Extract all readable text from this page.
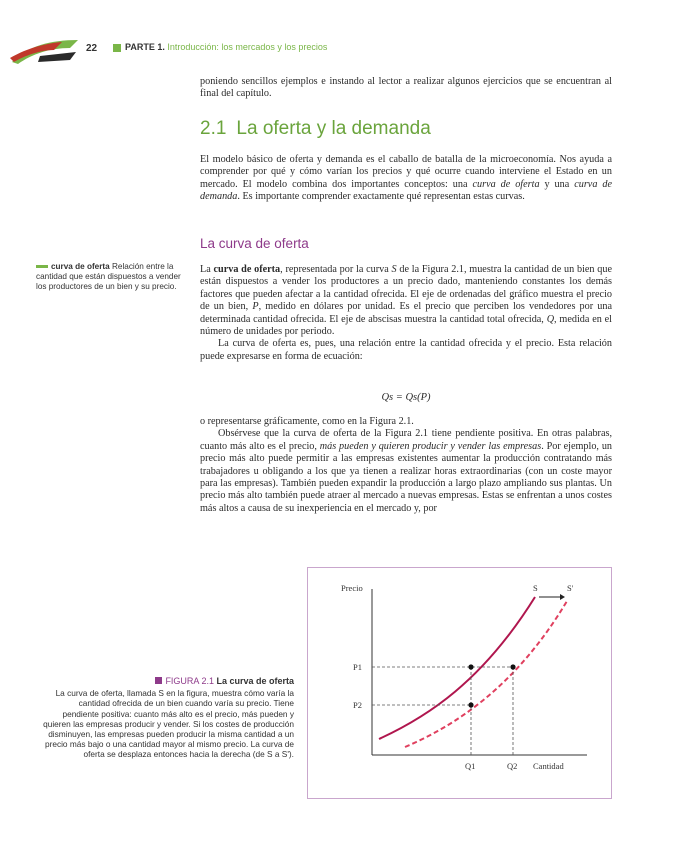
22	PARTE 1. Introducción: los mercados y los precios
poniendo sencillos ejemplos e instando al lector a realizar algunos ejercicios que se encuentran al final del capítulo.
2.1 La oferta y la demanda
El modelo básico de oferta y demanda es el caballo de batalla de la microeconomía. Nos ayuda a comprender por qué y cómo varían los precios y qué ocurre cuando interviene el Estado en un mercado. El modelo combina dos importantes conceptos: una curva de oferta y una curva de demanda. Es importante comprender exactamente qué representan estas curvas.
La curva de oferta
curva de oferta Relación entre la cantidad que están dispuestos a vender los productores de un bien y su precio.
La curva de oferta, representada por la curva S de la Figura 2.1, muestra la cantidad de un bien que están dispuestos a vender los productores a un precio dado, manteniendo constantes los demás factores que pueden afectar a la cantidad ofrecida. El eje de ordenadas del gráfico muestra el precio de un bien, P, medido en dólares por unidad. Es el precio que perciben los vendedores por una determinada cantidad ofrecida. El eje de abscisas muestra la cantidad total ofrecida, Q, medida en el número de unidades por periodo.
La curva de oferta es, pues, una relación entre la cantidad ofrecida y el precio. Esta relación puede expresarse en forma de ecuación:
Qs = Qs(P)
o representarse gráficamente, como en la Figura 2.1.
Obsérvese que la curva de oferta de la Figura 2.1 tiene pendiente positiva. En otras palabras, cuanto más alto es el precio, más pueden y quieren producir y vender las empresas. Por ejemplo, un precio más alto puede permitir a las empresas existentes aumentar la producción contratando más trabajadores u obligando a los que ya tienen a realizar horas extraordinarias (con un coste mayor para las empresas). También pueden expandir la producción a largo plazo ampliando sus plantas. Un precio más alto también puede atraer al mercado a nuevas empresas. Estas se enfrentan a unos costes más altos a causa de su inexperiencia en el mercado y, por
FIGURA 2.1 La curva de oferta
La curva de oferta, llamada S en la figura, muestra cómo varía la cantidad ofrecida de un bien cuando varía su precio. Tiene pendiente positiva: cuanto más alto es el precio, más pueden y quieren las empresas producir y vender. Si los costes de producción disminuyen, las empresas pueden producir la misma cantidad a un precio más bajo o una cantidad mayor al mismo precio. La curva de oferta se desplaza entonces hacia la derecha (de S a S').
Precio
Cantidad
S	S'
P1
P2
Q1	Q2
